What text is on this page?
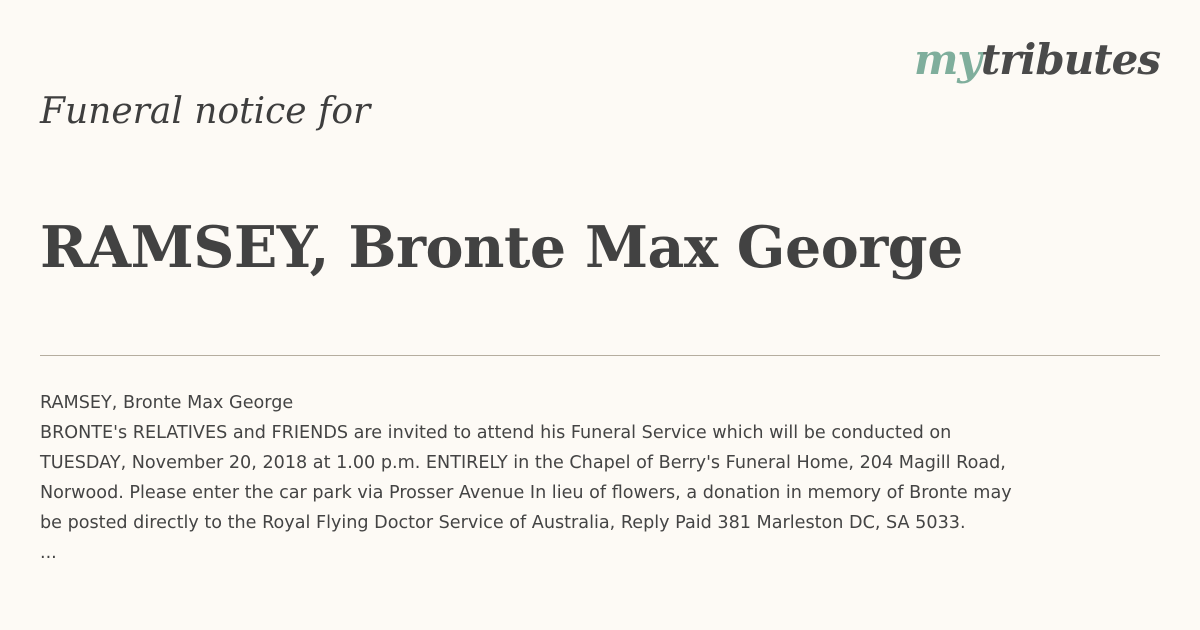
mytributes
Funeral notice for
RAMSEY, Bronte Max George

RAMSEY, Bronte Max George

BRONTE's RELATIVES and FRIENDS are invited to attend his Funeral Service which will be conducted on

TUESDAY, November 20, 2018 at 1.00 p.m. ENTIRELY in the Chapel of Berry's Funeral Home, 204 Magill Road,

Norwood. Please enter the car park via Prosser Avenue In lieu of flowers, a donation in memory of Bronte may

be posted directly to the Royal Flying Doctor Service of Australia, Reply Paid 381 Marleston DC, SA 5033.

...
